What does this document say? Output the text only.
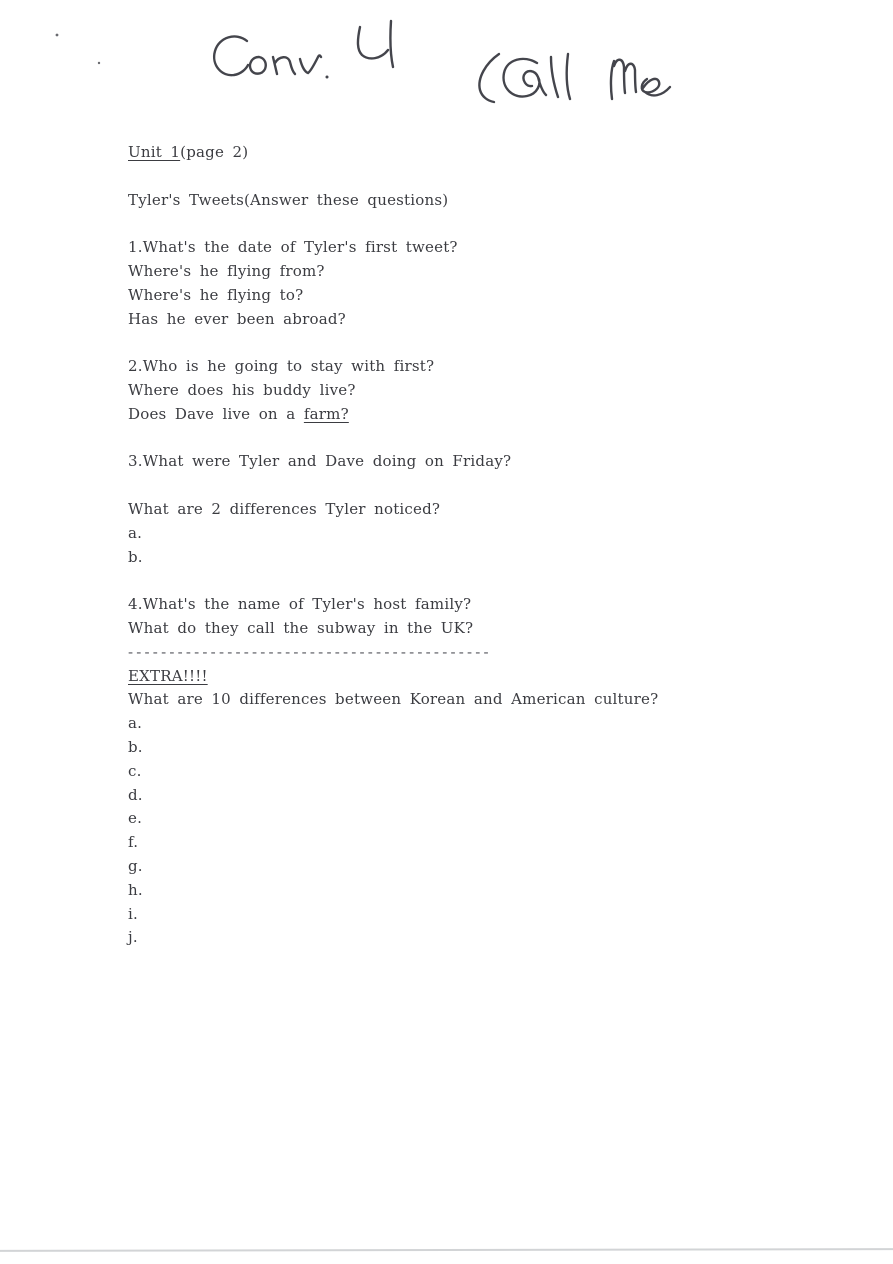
Unit 1(page 2)
Tyler's Tweets(Answer these questions)
1.What's the date of Tyler's first tweet?
Where's he flying from?
Where's he flying to?
Has he ever been abroad?
2.Who is he going to stay with first?
Where does his buddy live?
Does Dave live on a farm?
3.What were Tyler and Dave doing on Friday?
What are 2 differences Tyler noticed?
a.
b.
4.What's the name of Tyler's host family?
What do they call the subway in the UK?
--------------------------------------------
EXTRA!!!!
What are 10 differences between Korean and American culture?
a.
b.
c.
d.
e.
f.
g.
h.
i.
j.
